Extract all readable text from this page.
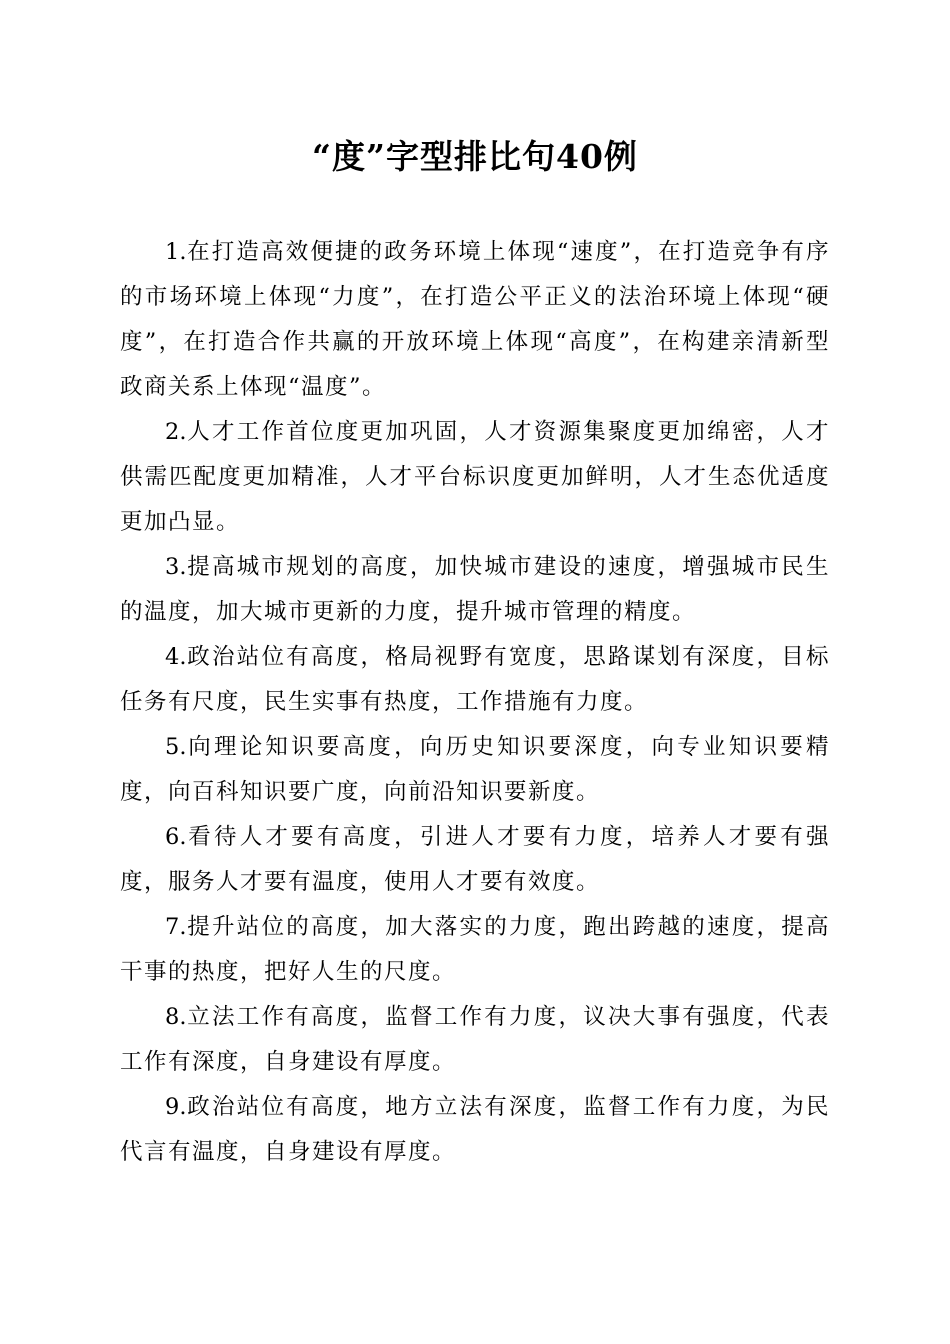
“度”字型排比句40例

1.在打造高效便捷的政务环境上体现“速度”，在打造竞争有序的市场环境上体现“力度”，在打造公平正义的法治环境上体现“硬度”，在打造合作共赢的开放环境上体现“高度”，在构建亲清新型政商关系上体现“温度”。

2.人才工作首位度更加巩固，人才资源集聚度更加绵密，人才供需匹配度更加精准，人才平台标识度更加鲜明，人才生态优适度更加凸显。

3.提高城市规划的高度，加快城市建设的速度，增强城市民生的温度，加大城市更新的力度，提升城市管理的精度。

4.政治站位有高度，格局视野有宽度，思路谋划有深度，目标任务有尺度，民生实事有热度，工作措施有力度。

5.向理论知识要高度，向历史知识要深度，向专业知识要精度，向百科知识要广度，向前沿知识要新度。

6.看待人才要有高度，引进人才要有力度，培养人才要有强度，服务人才要有温度，使用人才要有效度。

7.提升站位的高度，加大落实的力度，跑出跨越的速度，提高干事的热度，把好人生的尺度。

8.立法工作有高度，监督工作有力度，议决大事有强度，代表工作有深度，自身建设有厚度。

9.政治站位有高度，地方立法有深度，监督工作有力度，为民代言有温度，自身建设有厚度。
